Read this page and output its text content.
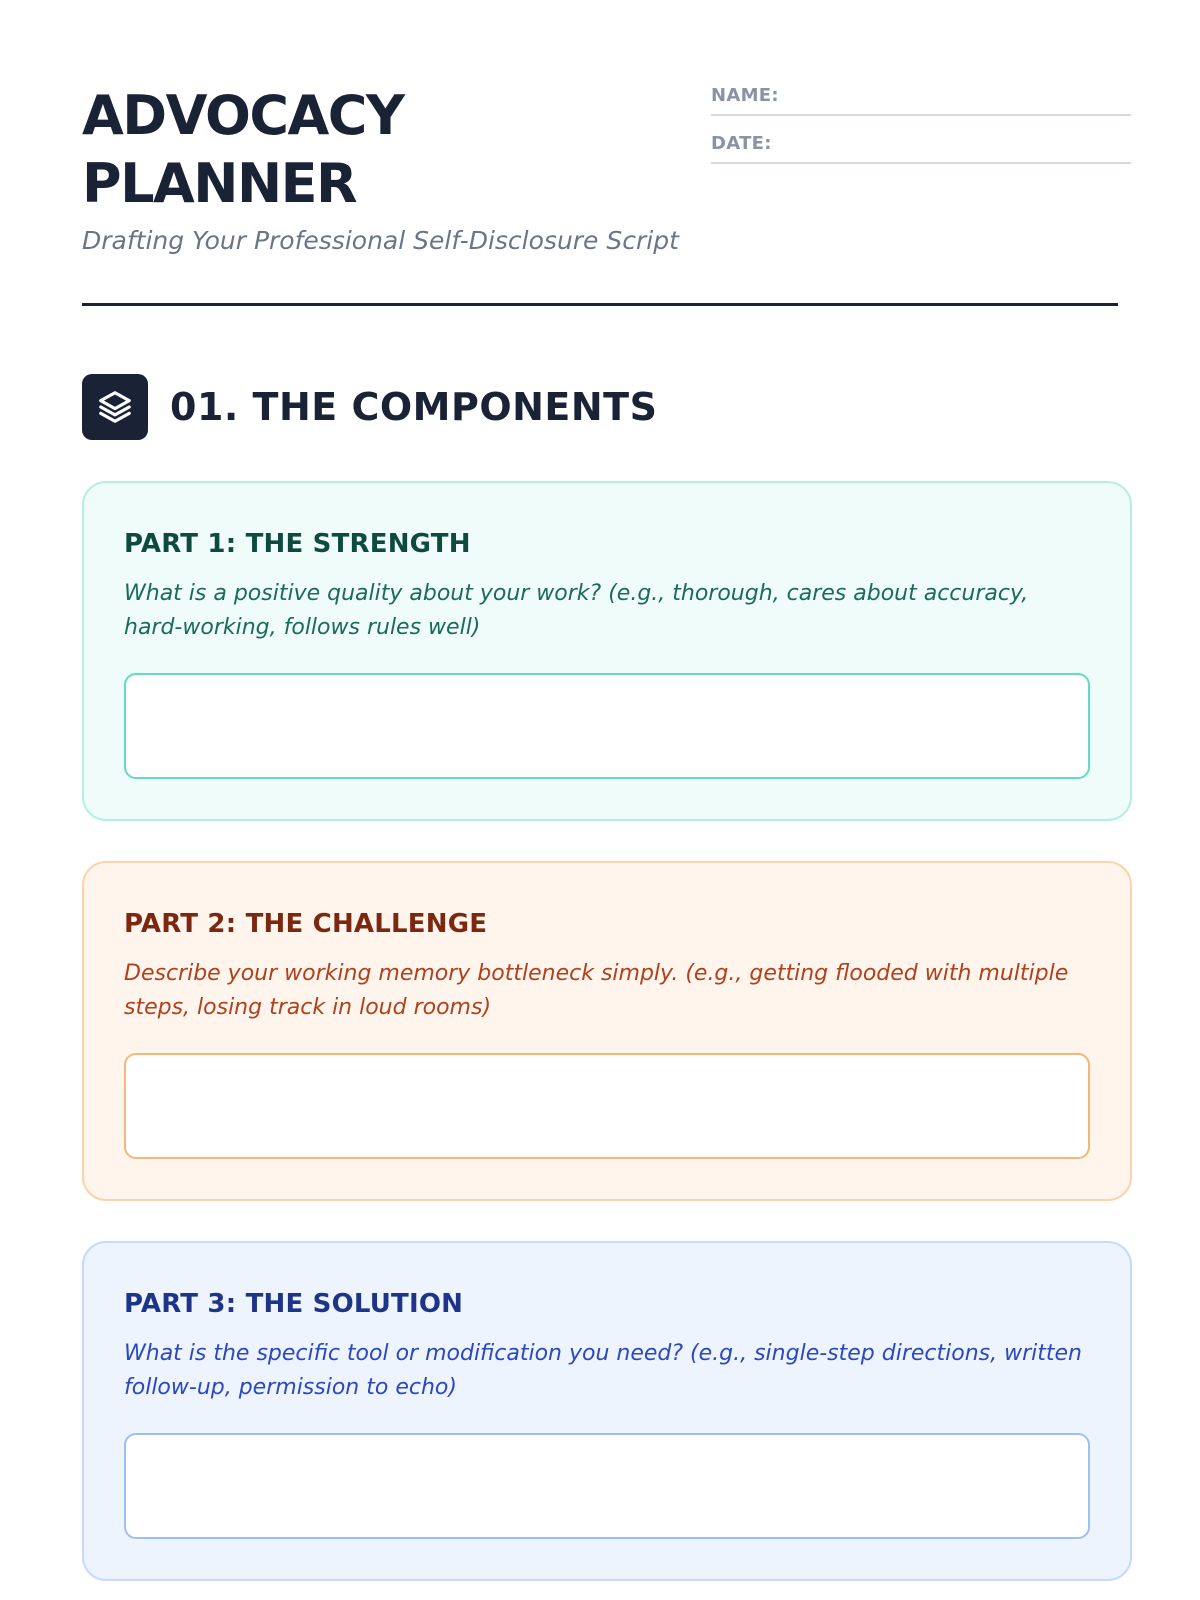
ADVOCACY
PLANNER
Drafting Your Professional Self-Disclosure Script
NAME:
DATE:
01. THE COMPONENTS
PART 1: THE STRENGTH
What is a positive quality about your work? (e.g., thorough, cares about accuracy, hard-working, follows rules well)
PART 2: THE CHALLENGE
Describe your working memory bottleneck simply. (e.g., getting flooded with multiple steps, losing track in loud rooms)
PART 3: THE SOLUTION
What is the specific tool or modification you need? (e.g., single-step directions, written follow-up, permission to echo)
